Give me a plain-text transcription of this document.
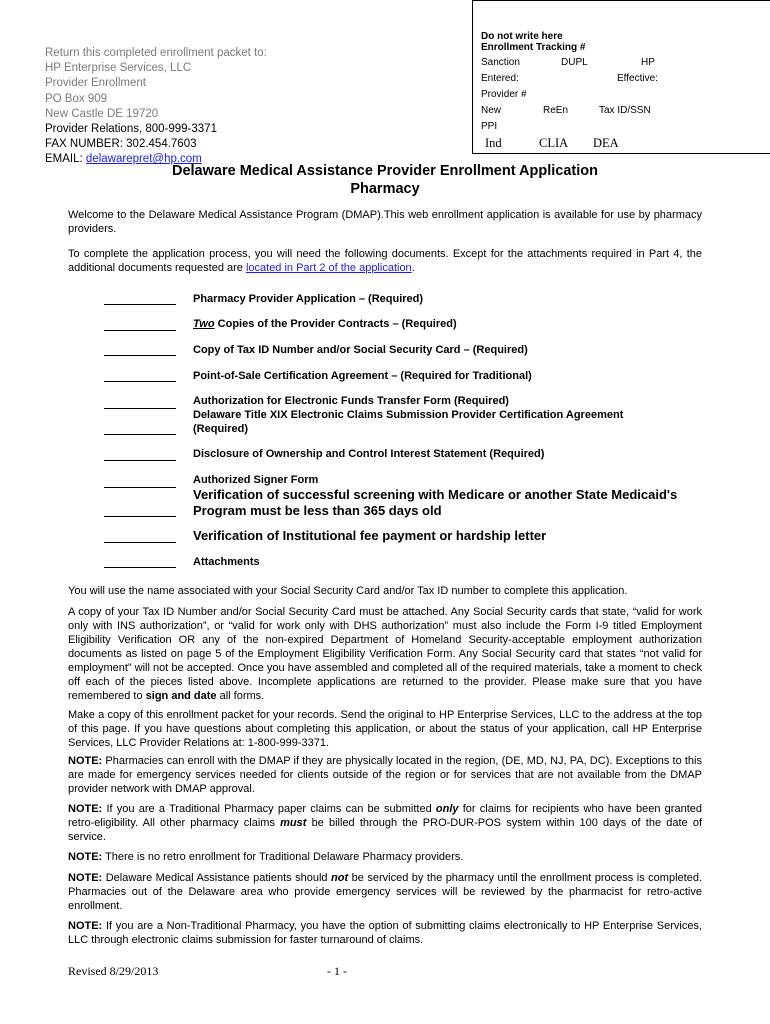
Return this completed enrollment packet to:
HP Enterprise Services, LLC
Provider Enrollment
PO Box 909
New Castle DE 19720
Provider Relations, 800-999-3371
FAX NUMBER: 302.454.7603
EMAIL: delawarepret@hp.com
Do not write here
Enrollment Tracking #
Sanction	DUPL	HP
Entered:	Effective:
Provider #
New	ReEn	Tax ID/SSN
PPI
Ind	CLIA DEA
Delaware Medical Assistance Provider Enrollment Application
Pharmacy
Welcome to the Delaware Medical Assistance Program (DMAP).This web enrollment application is available for use by pharmacy providers.
To complete the application process, you will need the following documents. Except for the attachments required in Part 4, the additional documents requested are located in Part 2 of the application.
Pharmacy Provider Application – (Required)
Two Copies of the Provider Contracts – (Required)
Copy of Tax ID Number and/or Social Security Card – (Required)
Point-of-Sale Certification Agreement – (Required for Traditional)
Authorization for Electronic Funds Transfer Form (Required)
Delaware Title XIX Electronic Claims Submission Provider Certification Agreement
(Required)
Disclosure of Ownership and Control Interest Statement (Required)
Authorized Signer Form
Verification of successful screening with Medicare or another State Medicaid's
Program must be less than 365 days old
Verification of Institutional fee payment or hardship letter
Attachments
You will use the name associated with your Social Security Card and/or Tax ID number to complete this application.
A copy of your Tax ID Number and/or Social Security Card must be attached. Any Social Security cards that state, “valid for work only with INS authorization”, or “valid for work only with DHS authorization” must also include the Form I-9 titled Employment Eligibility Verification OR any of the non-expired Department of Homeland Security-acceptable employment authorization documents as listed on page 5 of the Employment Eligibility Verification Form. Any Social Security card that states “not valid for employment” will not be accepted. Once you have assembled and completed all of the required materials, take a moment to check off each of the pieces listed above. Incomplete applications are returned to the provider. Please make sure that you have remembered to sign and date all forms.
Make a copy of this enrollment packet for your records. Send the original to HP Enterprise Services, LLC to the address at the top of this page. If you have questions about completing this application, or about the status of your application, call HP Enterprise Services, LLC Provider Relations at: 1-800-999-3371.
NOTE: Pharmacies can enroll with the DMAP if they are physically located in the region, (DE, MD, NJ, PA, DC). Exceptions to this are made for emergency services needed for clients outside of the region or for services that are not available from the DMAP provider network with DMAP approval.
NOTE: If you are a Traditional Pharmacy paper claims can be submitted only for claims for recipients who have been granted retro-eligibility. All other pharmacy claims must be billed through the PRO-DUR-POS system within 100 days of the date of service.
NOTE: There is no retro enrollment for Traditional Delaware Pharmacy providers.
NOTE: Delaware Medical Assistance patients should not be serviced by the pharmacy until the enrollment process is completed. Pharmacies out of the Delaware area who provide emergency services will be reviewed by the pharmacist for retro-active enrollment.
NOTE: If you are a Non-Traditional Pharmacy, you have the option of submitting claims electronically to HP Enterprise Services, LLC through electronic claims submission for faster turnaround of claims.
Revised 8/29/2013	- 1 -
